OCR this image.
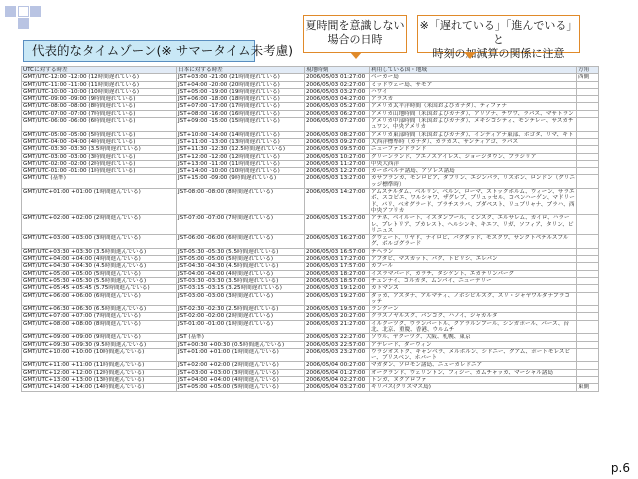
夏時間を意識しない
場合の日時
※「遅れている」「進んでいる」と
時刻の加減算の関係に注意
代表的なタイムゾーン(※ サマータイム未考慮)
UTCに対する時差	日本に対する時差	現地時刻	利用している国・地域	方角
GMT/UTC-12:00 -12:00 (12時間遅れている)	JST+03:00 -21:00 (21時間遅れている)	2006/05/03 01:27:00	ベーカー島	西側
GMT/UTC-11:00 -11:00 (11時間遅れている)	JST+04:00 -20:00 (20時間遅れている)	2006/05/03 02:27:00	ミッドウェー島、サモア	
GMT/UTC-10:00 -10:00 (10時間遅れている)	JST+05:00 -19:00 (19時間遅れている)	2006/05/03 03:27:00	ハワイ	
GMT/UTC-09:00 -09:00 (9時間遅れている)	JST+06:00 -18:00 (18時間遅れている)	2006/05/03 04:27:00	アラスカ	
GMT/UTC-08:00 -08:00 (8時間遅れている)	JST+07:00 -17:00 (17時間遅れている)	2006/05/03 05:27:00	アメリカ太平洋時間（米国およびカナダ）、ティファナ	
GMT/UTC-07:00 -07:00 (7時間遅れている)	JST+08:00 -16:00 (16時間遅れている)	2006/05/03 06:27:00	アメリカ山地時間（米国およびカナダ）、アリゾナ、チワワ、ラパス、マサトラン	
GMT/UTC-06:00 -06:00 (6時間遅れている)	JST+09:00 -15:00 (15時間遅れている)	2006/05/03 07:27:00	アメリカ中部時間（米国およびカナダ）、メキシコシティ、モンテレー、サスカチュワン、中央アメリカ	
GMT/UTC-05:00 -05:00 (5時間遅れている)	JST+10:00 -14:00 (14時間遅れている)	2006/05/03 08:27:00	アメリカ東部時間（米国およびカナダ）、インディアナ東部、ボゴタ、リマ、キト	
GMT/UTC-04:00 -04:00 (4時間遅れている)	JST+11:00 -13:00 (13時間遅れている)	2006/05/03 09:27:00	大西洋標準時（カナダ）、カラカス、サンティアゴ、ラパス	
GMT/UTC-03:30 -03:30 (3.5時間遅れている)	JST+11:30 -12:30 (12.5時間遅れている)	2006/05/03 09:57:00	ニューファンドランド	
GMT/UTC-03:00 -03:00 (3時間遅れている)	JST+12:00 -12:00 (12時間遅れている)	2006/05/03 10:27:00	グリーンランド、ブエノスアイレス、ジョージタウン、ブラジリア	
GMT/UTC-02:00 -02:00 (2時間遅れている)	JST+13:00 -11:00 (11時間遅れている)	2006/05/03 11:27:00	中央大西洋	
GMT/UTC-01:00 -01:00 (1時間遅れている)	JST+14:00 -10:00 (10時間遅れている)	2006/05/03 12:27:00	カーボベルデ諸島、アゾレス諸島	
GMT/UTC (基準)	JST+15:00 -09:00 (9時間遅れている)	2006/05/03 13:27:00	カサブランカ、モンロビア、ダブリン、エジンバラ、リスボン、ロンドン（グリニッジ標準時）	
GMT/UTC+01:00 +01:00 (1時間進んでいる)	JST-08:00 -08:00 (8時間遅れている)	2006/05/03 14:27:00	アムステルダム、ベルリン、ベルン、ローマ、ストックホルム、ウィーン、サラエボ、スコピエ、ワルシャワ、ザグレブ、ブリュッセル、コペンハーゲン、マドリード、パリ、ベオグラード、ブラチスラバ、ブダペスト、リュブリャナ、プラハ、西中央アフリカ	
GMT/UTC+02:00 +02:00 (2時間進んでいる)	JST-07:00 -07:00 (7時間遅れている)	2006/05/03 15:27:00	アテネ、ベイルート、イスタンブール、ミンスク、エルサレム、カイロ、ハラーレ、プレトリア、ブカレスト、ヘルシンキ、キエフ、リガ、ソフィア、タリン、ビリニュス	
GMT/UTC+03:00 +03:00 (3時間進んでいる)	JST-06:00 -06:00 (6時間遅れている)	2006/05/03 16:27:00	クウェート、リヤド、ナイロビ、バグダッド、モスクワ、サンクトペテルスブルグ、ボルゴグラード	
GMT/UTC+03:30 +03:30 (3.5時間進んでいる)	JST-05:30 -05:30 (5.5時間遅れている)	2006/05/03 16:57:00	テヘラン	
GMT/UTC+04:00 +04:00 (4時間進んでいる)	JST-05:00 -05:00 (5時間遅れている)	2006/05/03 17:27:00	アブダビ、マスカット、バク、トビリシ、エレバン	
GMT/UTC+04:30 +04:30 (4.5時間進んでいる)	JST-04:30 -04:30 (4.5時間遅れている)	2006/05/03 17:57:00	カブール	
GMT/UTC+05:00 +05:00 (5時間進んでいる)	JST-04:00 -04:00 (4時間遅れている)	2006/05/03 18:27:00	イスラマバード、カラチ、タシケント、エカテリンバーグ	
GMT/UTC+05:30 +05:30 (5.5時間進んでいる)	JST-03:30 -03:30 (3.5時間遅れている)	2006/05/03 18:57:00	チェンナイ、コルカタ、ムンバイ、ニューデリー	
GMT/UTC+05:45 +05:45 (5.75時間進んでいる)	JST-03:15 -03:15 (3.25時間遅れている)	2006/05/03 19:12:00	カトマンズ	
GMT/UTC+06:00 +06:00 (6時間進んでいる)	JST-03:00 -03:00 (3時間遅れている)	2006/05/03 19:27:00	ダッカ、アスタナ、アルマティ、ノボシビルスク、スリ・ジャヤワルダナプラコッテ	
GMT/UTC+06:30 +06:30 (6.5時間進んでいる)	JST-02:30 -02:30 (2.5時間遅れている)	2006/05/03 19:57:00	ラングーン	
GMT/UTC+07:00 +07:00 (7時間進んでいる)	JST-02:00 -02:00 (2時間遅れている)	2006/05/03 20:27:00	クラスノヤルスク、バンコク、ハノイ、ジャカルタ	
GMT/UTC+08:00 +08:00 (8時間進んでいる)	JST-01:00 -01:00 (1時間遅れている)	2006/05/03 21:27:00	イルクーツク、ウランバートル、クアラルンプール、シンガポール、パース、台北、北京、重慶、香港、ウルムチ	
GMT/UTC+09:00 +09:00 (9時間進んでいる)	JST (基準)	2006/05/03 22:27:00	ソウル、ヤクーツク、大阪、札幌、東京	
GMT/UTC+09:30 +09:30 (9.5時間進んでいる)	JST+00:30 +00:30 (0.5時間進んでいる)	2006/05/03 22:57:00	アデレード、ダーウィン	
GMT/UTC+10:00 +10:00 (10時間進んでいる)	JST+01:00 +01:00 (1時間進んでいる)	2006/05/03 23:27:00	ウラジオストク、キャンベラ、メルボルン、シドニー、グアム、ポートモレスビー、ブリスベン、ホバート	
GMT/UTC+11:00 +11:00 (11時間進んでいる)	JST+02:00 +02:00 (2時間進んでいる)	2006/05/04 00:27:00	マガダン、ソロモン諸島、ニューカレドニア	
GMT/UTC+12:00 +12:00 (12時間進んでいる)	JST+03:00 +03:00 (3時間進んでいる)	2006/05/04 01:27:00	オークランド、ウェリントン、フィジー、カムチャッカ、マーシャル諸島	
GMT/UTC+13:00 +13:00 (13時間進んでいる)	JST+04:00 +04:00 (4時間進んでいる)	2006/05/04 02:27:00	トンガ、ヌクアロファ	
GMT/UTC+14:00 +14:00 (14時間進んでいる)	JST+05:00 +05:00 (5時間進んでいる)	2006/05/04 03:27:00	キリバス(クリスマス島)	東側
p.6
